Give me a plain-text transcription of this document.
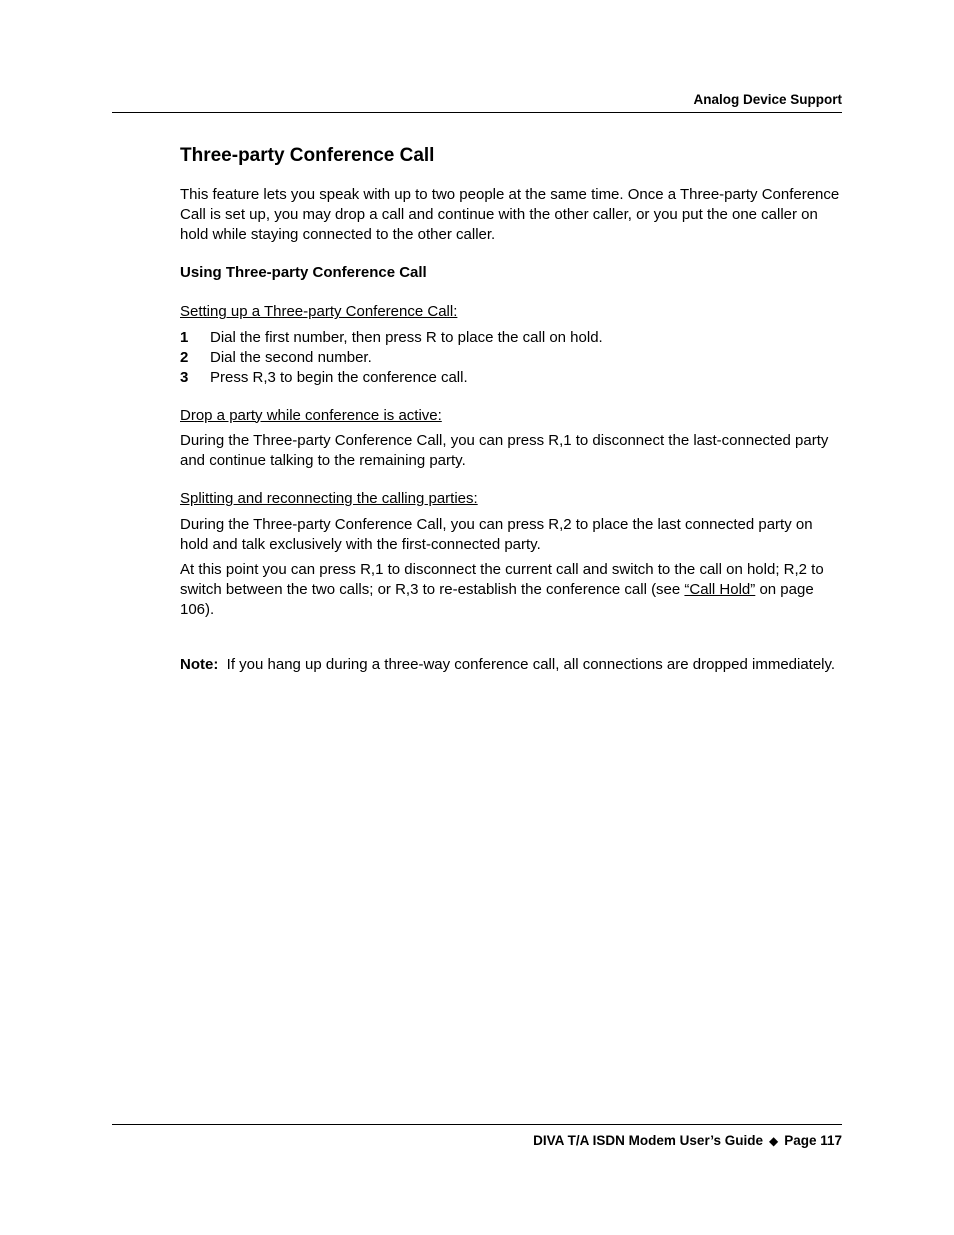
Analog Device Support
Three-party Conference Call

This feature lets you speak with up to two people at the same time. Once a Three-party Conference Call is set up, you may drop a call and continue with the other caller, or you put the one caller on hold while staying connected to the other caller.

Using Three-party Conference Call

Setting up a Three-party Conference Call:

1	Dial the first number, then press R to place the call on hold.
2	Dial the second number.
3	Press R,3 to begin the conference call.

Drop a party while conference is active:

During the Three-party Conference Call, you can press R,1 to disconnect the last-connected party and continue talking to the remaining party.

Splitting and reconnecting the calling parties:

During the Three-party Conference Call, you can press R,2 to place the last connected party on hold and talk exclusively with the first-connected party.

At this point you can press R,1 to disconnect the current call and switch to the call on hold; R,2 to switch between the two calls; or R,3 to re-establish the conference call (see “Call Hold” on page 106).

Note:  If you hang up during a three-way conference call, all connections are dropped immediately.

DIVA T/A ISDN Modem User’s Guide ◆ Page 117
